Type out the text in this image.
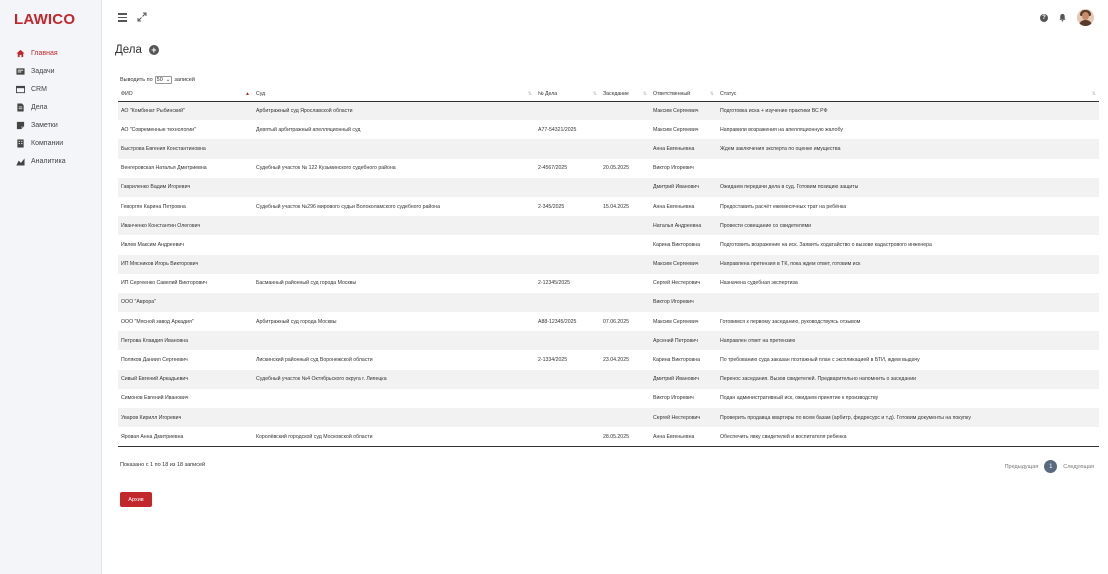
LAWICO
Главная
Задачи
CRM
Дела
Заметки
Компании
Аналитика
?
Дела +
Выводить по 50 ⌄ записей
ФИО ▲	Суд ⇅	№ Дела ⇅	Заседание ⇅	Ответственный ⇅	Статус ⇅

АО "Комбинат Рыбинский"	Арбитражный суд Ярославской области			Максим Сергеевич	Подготовка иска + изучение практики ВС РФ
АО "Современные технологии"	Девятый арбитражный апелляционный суд	А77-54321/2025		Максим Сергеевич	Направили возражения на апелляционную жалобу
Быстрова Евгения Константиновна				Анна Евгеньевна	Ждем заключения эксперта по оценке имущества
Венгеровская Наталья Дмитриевна	Судебный участок № 122 Кузьминского судебного района	2-4567/2025	20.05.2025	Виктор Игоревич	
Гавриленко Вадим Игоревич				Дмитрий Иванович	Ожидаем передачи дела в суд. Готовим позицию защиты
Геворгян Карина Петровна	Судебный участок №296 мирового судьи Волоколамского судебного района	2-345/2025	15.04.2025	Анна Евгеньевна	Предоставить расчёт ежемесячных трат на ребёнка
Иванченко Константин Олегович				Наталья Андреевна	Провести совещание со свидетелями
Ивлев Максим Андреевич				Карина Викторовна	Подготовить возражение на иск. Заявить ходатайство о вызове кадастрового инженера
ИП Мясников Игорь Викторович				Максим Сергеевич	Направлена претензия в ТК, пока ждем ответ, готовим иск
ИП Сергеенко Савелий Викторович	Басманный районный суд города Москвы	2-12345/2025		Сергей Нестерович	Назначена судебная экспертиза
ООО "Аврора"				Виктор Игоревич	
ООО "Мясной завод Аркадия"	Арбитражный суд города Москвы	А88-12345/2025	07.06.2025	Максим Сергеевич	Готовимся к первому заседанию, руководствуясь отзывом
Петрова Клавдия Ивановна				Арсений Петрович	Направлен ответ на претензию
Поляков Даниил Сергеевич	Лискинский районный суд Воронежской области	2-1334/2025	23.04.2025	Карина Викторовна	По требованию суда заказан поэтажный план с экспликацией в БТИ, ждем выдачу
Сивый Евгений Аркадьевич	Судебный участок №4 Октябрьского округа г. Липецка			Дмитрий Иванович	Перенос заседания. Вызов свидетелей. Предварительно напомнить о заседании
Симонов Евгений Иванович				Виктор Игоревич	Подан административный иск, ожидаем принятие к производству
Уваров Кирилл Игоревич				Сергей Нестерович	Проверить продавца квартиры по всем базам (арбитр, федресурс и т.д). Готовим документы на покупку
Яровая Анна Дмитриевна	Королёвский городской суд Московской области		28.05.2025	Анна Евгеньевна	Обеспечить явку свидетелей и воспитателя ребенка
Показано с 1 по 18 из 18 записей	Предыдущая	1	Следующая
Архив
